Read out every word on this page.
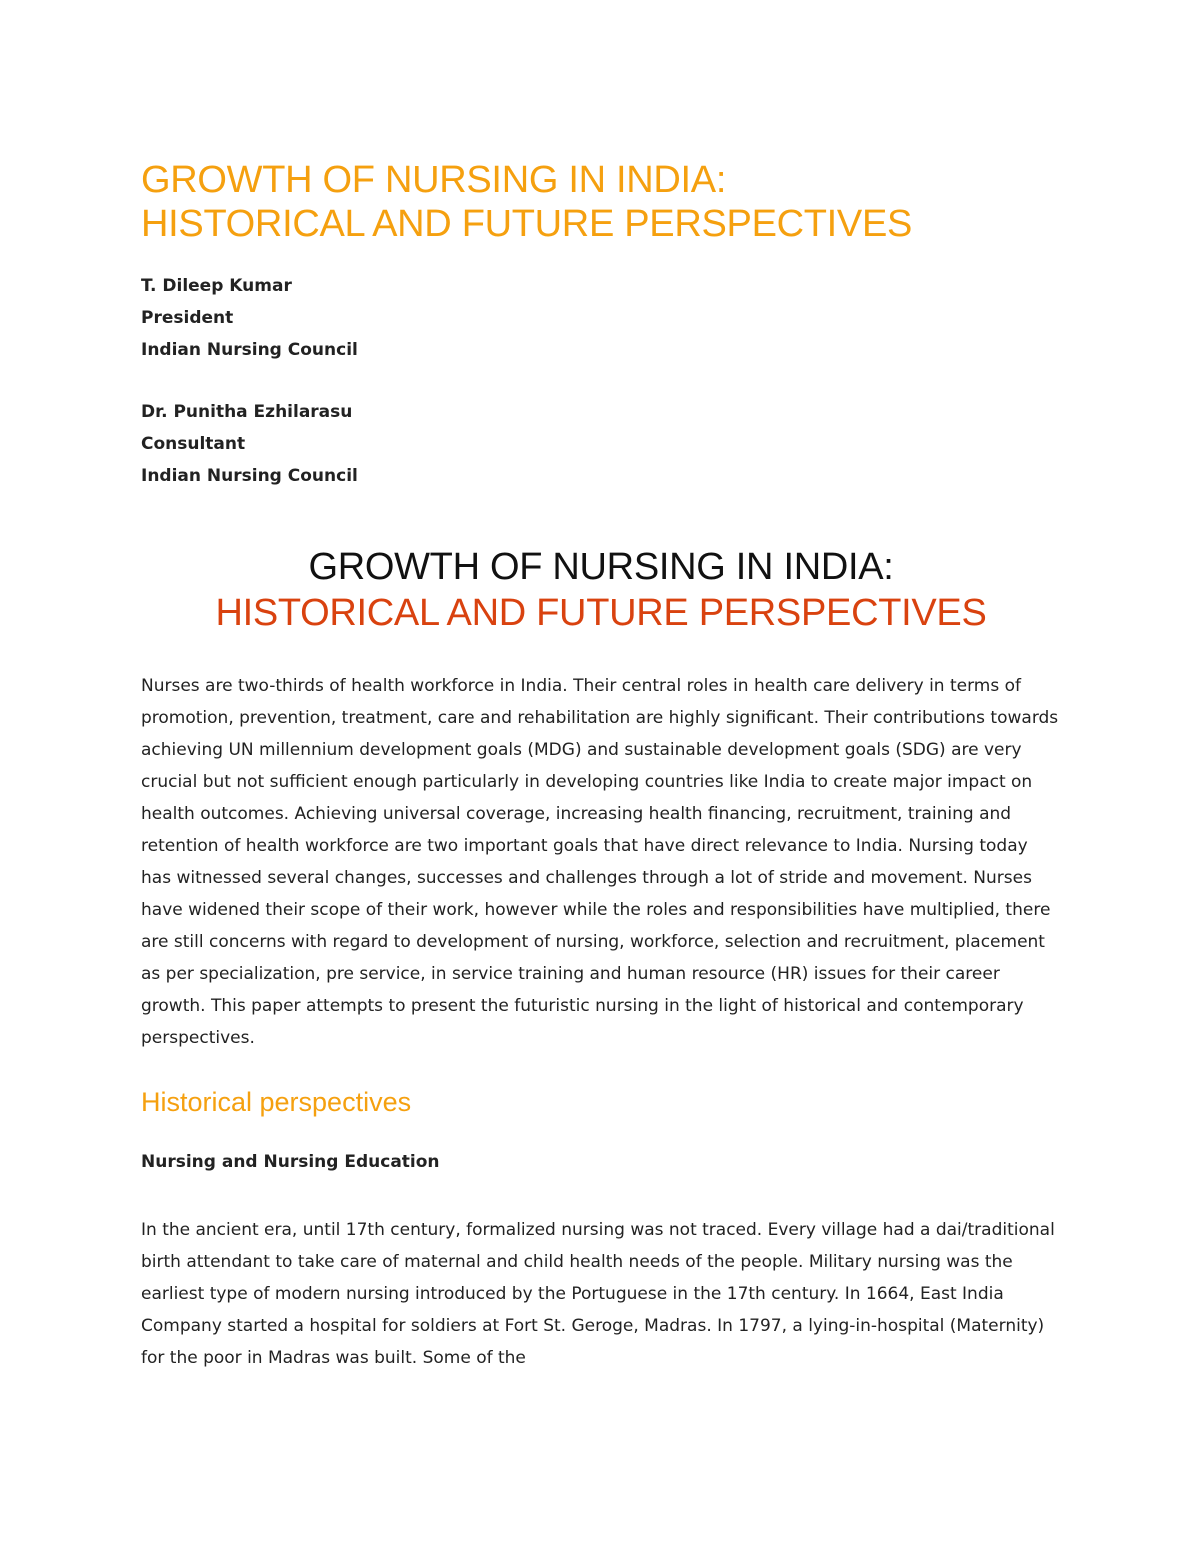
GROWTH OF NURSING IN INDIA:
HISTORICAL AND FUTURE PERSPECTIVES
T. Dileep Kumar
President
Indian Nursing Council
Dr. Punitha Ezhilarasu
Consultant
Indian Nursing Council
GROWTH OF NURSING IN INDIA:
HISTORICAL AND FUTURE PERSPECTIVES

Nurses are two-thirds of health workforce in India. Their central roles in health care delivery in terms of promotion, prevention, treatment, care and rehabilitation are highly significant. Their contributions towards achieving UN millennium development goals (MDG) and sustainable development goals (SDG) are very crucial but not sufficient enough particularly in developing countries like India to create major impact on health outcomes. Achieving universal coverage, increasing health financing, recruitment, training and retention of health workforce are two important goals that have direct relevance to India. Nursing today has witnessed several changes, successes and challenges through a lot of stride and movement. Nurses have widened their scope of their work, however while the roles and responsibilities have multiplied, there are still concerns with regard to development of nursing, workforce, selection and recruitment, placement as per specialization, pre service, in service training and human resource (HR) issues for their career growth. This paper attempts to present the futuristic nursing in the light of historical and contemporary perspectives.

Historical perspectives
Nursing and Nursing Education

In the ancient era, until 17th century, formalized nursing was not traced. Every village had a dai/traditional birth attendant to take care of maternal and child health needs of the people. Military nursing was the earliest type of modern nursing introduced by the Portuguese in the 17th century. In 1664, East India Company started a hospital for soldiers at Fort St. Geroge, Madras. In 1797, a lying-in-hospital (Maternity) for the poor in Madras was built. Some of the
